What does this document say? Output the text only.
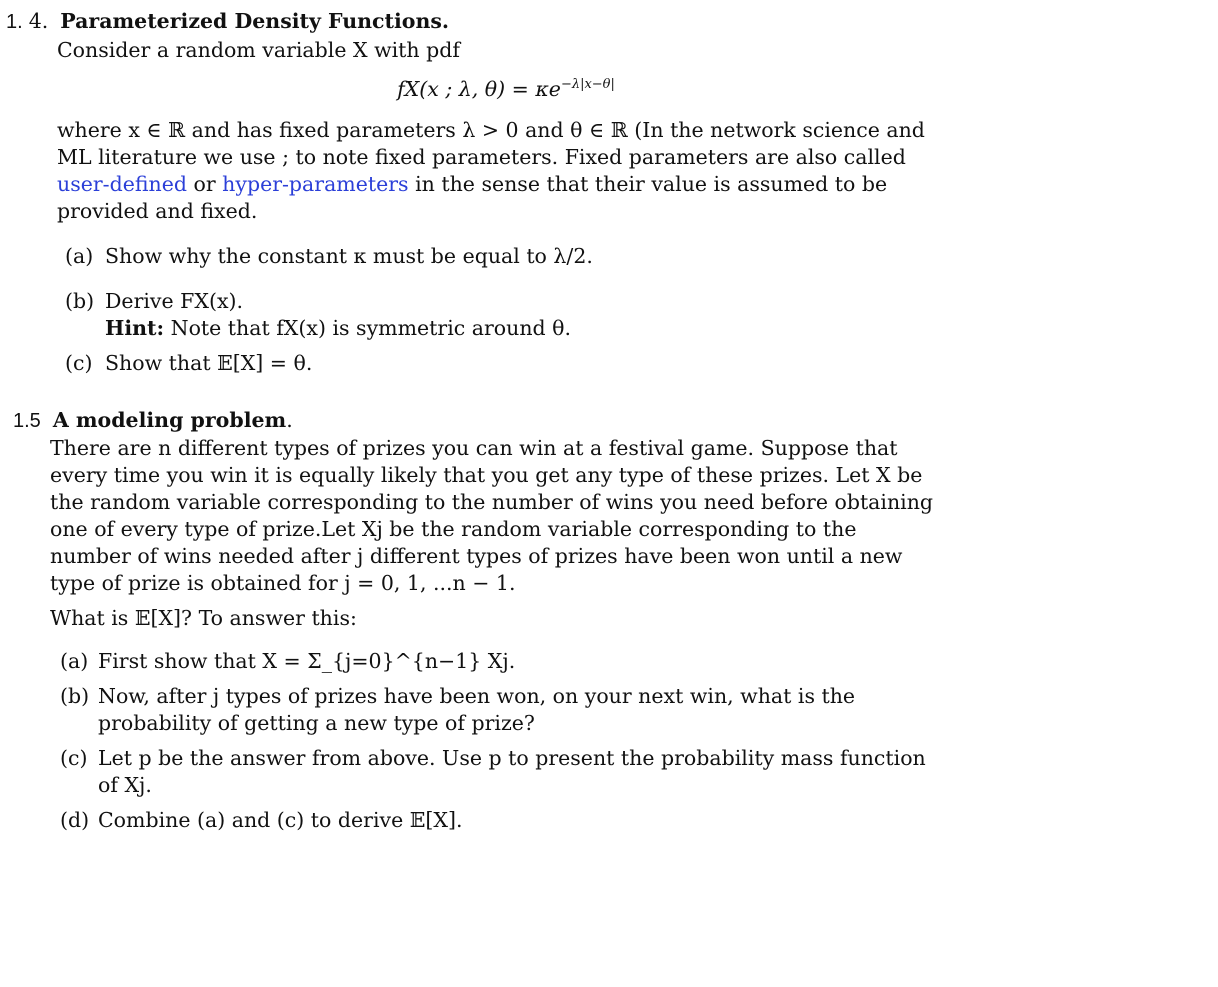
1. 4. Parameterized Density Functions.
Consider a random variable X with pdf
fX(x ; λ, $\theta) = \kappa e^{-\lambda|x-\theta|}$
where x ∈ ℝ and has fixed parameters λ > 0 and θ ∈ ℝ (In the network science and ML literature we use ; to note fixed parameters. Fixed parameters are also called user-defined or hyper-parameters in the sense that their value is assumed to be provided and fixed.
(a) Show why the constant κ must be equal to λ/2.
(b) Derive FX(x).
Hint: Note that fX(x) is symmetric around θ.
(c) Show that 𝔼[X] = θ.
1.5 A modeling problem .
There are n different types of prizes you can win at a festival game. Suppose that every time you win it is equally likely that you get any type of these prizes. Let X be the random variable corresponding to the number of wins you need before obtaining one of every type of prize.Let Xj be the random variable corresponding to the number of wins needed after j different types of prizes have been won until a new type of prize is obtained for j = 0, 1, ...n − 1.
What is 𝔼[X]? To answer this:
(a) First show that X = Σ_{j=0}^{n−1} Xj.
(b) Now, after j types of prizes have been won, on your next win, what is the probability of getting a new type of prize?
(c) Let p be the answer from above. Use p to present the probability mass function of Xj.
(d) Combine (a) and (c) to derive 𝔼[X].
